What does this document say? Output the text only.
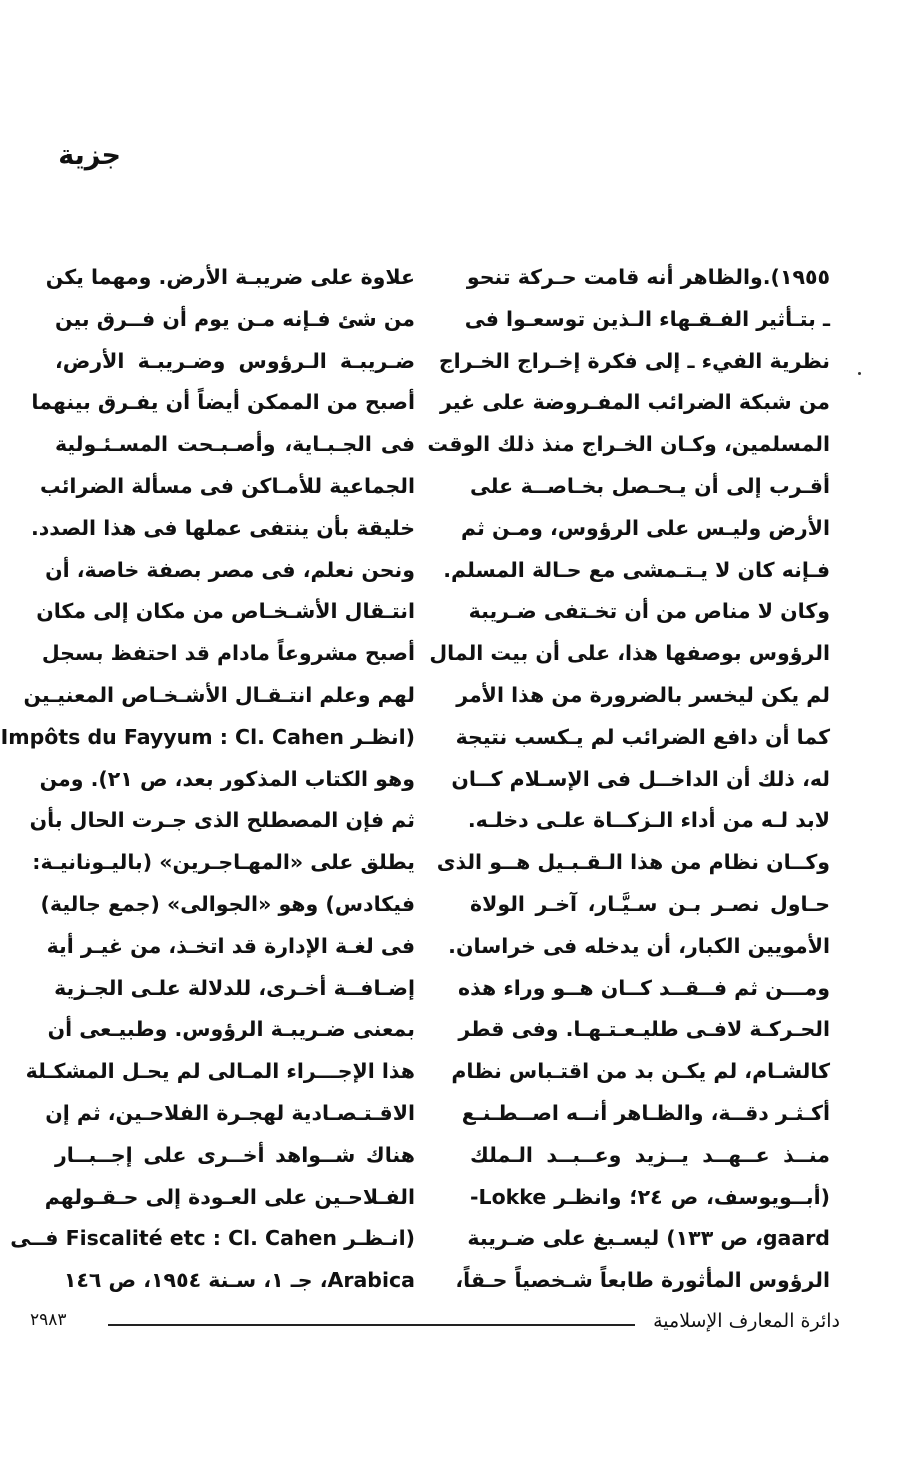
جزية
١٩٥٥).والظاهر أنه قامت حـركة تنحو
ـ بتـأثير الفـقـهاء الـذين توسعـوا فى
نظرية الفيء ـ إلى فكرة إخـراج الخـراج
من شبكة الضرائب المفـروضة على غير
المسلمين، وكـان الخـراج منذ ذلك الوقت
أقـرب إلى أن يـحـصل بخـاصــة على
الأرض وليـس على الرؤوس، ومـن ثم
فـإنه كان لا يـتـمشى مع حـالة المسلم.
وكان لا مناص من أن تخـتفى ضـريبة
الرؤوس بوصفها هذا، على أن بيت المال
لم يكن ليخسر بالضرورة من هذا الأمر
كما أن دافع الضرائب لم يـكسب نتيجة
له، ذلك أن الداخــل فى الإسـلام كــان
لابد لـه من أداء الـزكــاة علـى دخلـه.
وكــان نظام من هذا الـقـبـيل هــو الذى
حـاول نصـر بـن سـيَّـار، آخـر الولاة
الأمويين الكبار، أن يدخله فى خراسان.
ومـــن ثم فــقــد كــان هــو وراء هذه
الحـركـة لافـى طليـعـتـهـا. وفى قطر
كالشـام، لم يكـن بد من اقتـباس نظام
أكـثـر دقــة، والظـاهر أنــه اصــطـنـع
منــذ عــهــد يــزيد وعــبــد الـملك
(أبــويوسف، ص ٢٤؛ وانظـر Lokke-
gaard، ص ١٣٣) ليسـبغ على ضـريبة
الرؤوس المأثورة طابعاً شـخصياً حـقاً،
علاوة على ضريبـة الأرض. ومهما يكن
من شئ فـإنه مـن يوم أن فــرق بين
ضـريبـة الـرؤوس وضـريبـة الأرض،
أصبح من الممكن أيضاً أن يفـرق بينهما
فى الجـبـاية، وأصـبـحت المسـئـولية
الجماعية للأمـاكن فى مسألة الضرائب
خليقة بأن ينتفى عملها فى هذا الصدد.
ونحن نعلم، فى مصر بصفة خاصة، أن
انتـقال الأشـخـاص من مكان إلى مكان
أصبح مشروعاً مادام قد احتفظ بسجل
لهم وعلم انتـقـال الأشـخـاص المعنيـين
(انظـر Impôts du Fayyum : Cl. Cahen
وهو الكتاب المذكور بعد، ص ٢١). ومن
ثم فإن المصطلح الذى جـرت الحال بأن
يطلق على «المهـاجـرين» (باليـونانيـة:
فيكادس) وهو «الجوالى» (جمع جالية)
فى لغـة الإدارة قد اتخـذ، من غيـر أية
إضـافــة أخـرى، للدلالة علـى الجـزية
بمعنى ضـريبـة الرؤوس. وطبيـعى أن
هذا الإجـــراء المـالى لم يحـل المشكـلة
الاقـتـصـادية لهجـرة الفلاحـين، ثم إن
هناك شــواهد أخــرى على إجــبــار
الفـلاحـين على العـودة إلى حـقـولهم
(انـظـر Fiscalité etc : Cl. Cahen فــى
Arabica، جـ ١، سـنة ١٩٥٤، ص ١٤٦
دائرة المعارف الإسلامية
٢٩٨٣
